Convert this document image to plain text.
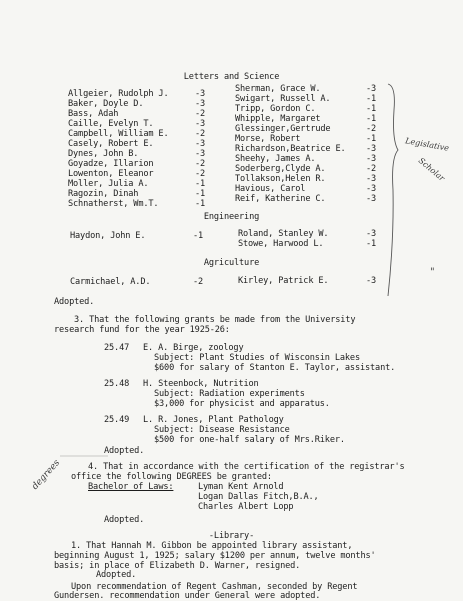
Letters and Science
Allgeier, Rudolph J.	-3
Baker, Doyle D.	-3
Bass, Adah	-2
Caille, Evelyn T.	-3
Campbell, William E.	-2
Casely, Robert E.	-3
Dynes, John B.	-3
Goyadze, Illarion	-2
Lowenton, Eleanor	-2
Moller, Julia A.	-1
Ragozin, Dinah	-1
Schnatherst, Wm.T.	-1
Sherman, Grace W.	-3
Swigart, Russell A.	-1
Tripp, Gordon C.	-1
Whipple, Margaret	-1
Glessinger,Gertrude	-2
Morse, Robert	-1
Richardson,Beatrice E. -3
Sheehy, James A.	-3
Soderberg,Clyde A.	-2
Tollakson,Helen R.	-3
Havious, Carol	-3
Reif, Katherine C.	-3
Legislative
Scholar
Engineering
Haydon, John E.	-1	Roland, Stanley W.	-3
Stowe, Harwood L.	-1
Agriculture
Carmichael, A.D.	-2	Kirley, Patrick E.	-3
"
Adopted.
3. That the following grants be made from the University
research fund for the year 1925-26:
25.47 E. A. Birge, zoology
Subject: Plant Studies of Wisconsin Lakes
$600 for salary of Stanton E. Taylor, assistant.
25.48 H. Steenbock, Nutrition
Subject: Radiation experiments
$3,000 for physicist and apparatus.
25.49 L. R. Jones, Plant Pathology
Subject: Disease Resistance
$500 for one-half salary of Mrs.Riker.
Adopted.
4. That in accordance with the certification of the registrar's
office the following DEGREES be granted:
Bachelor of Laws:	Lyman Kent Arnold
Logan Dallas Fitch,B.A.,
Charles Albert Lopp
degrees
Adopted.
-Library-
1. That Hannah M. Gibbon be appointed library assistant,
beginning August 1, 1925; salary $1200 per annum, twelve months'
basis; in place of Elizabeth D. Warner, resigned.
Adopted.
Upon recommendation of Regent Cashman, seconded by Regent
Gundersen. recommendation under General were adopted.
